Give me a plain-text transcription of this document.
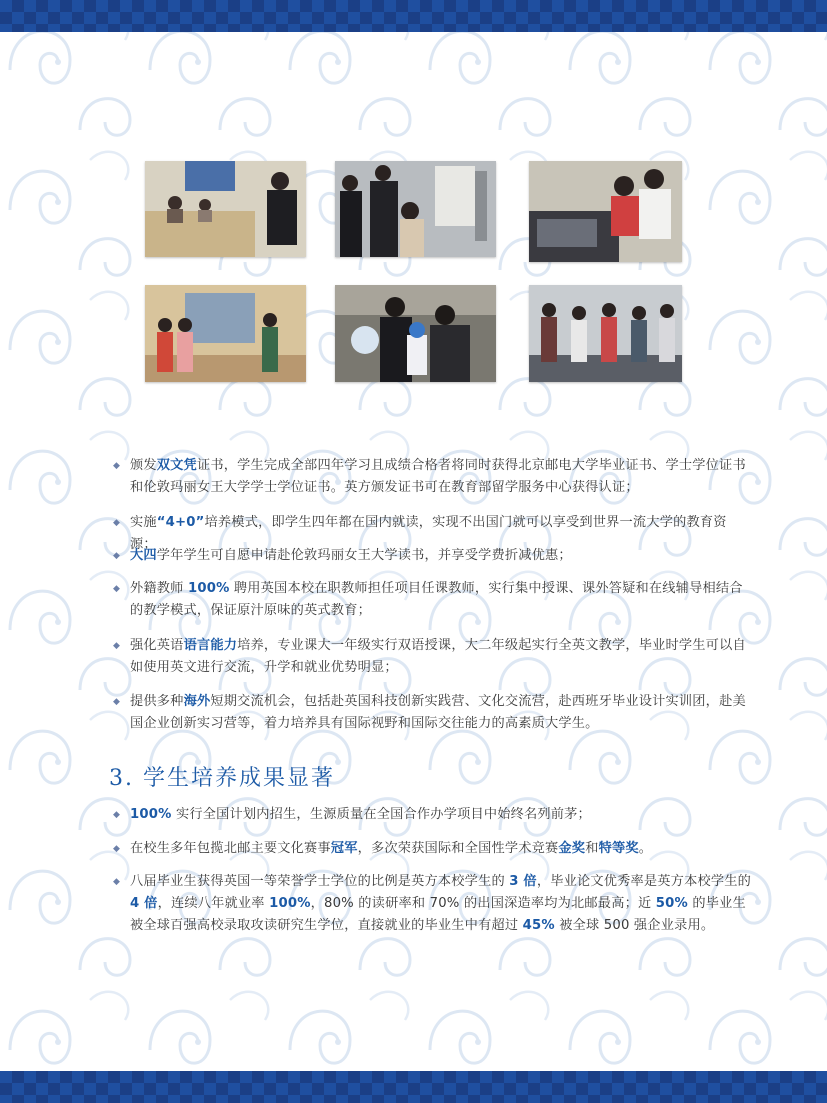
◆ 颁发双文凭证书，学生完成全部四年学习且成绩合格者将同时获得北京邮电大学毕业证书、学士学位证书和伦敦玛丽女王大学学士学位证书。英方颁发证书可在教育部留学服务中心获得认证；
◆ 实施“4+0”培养模式，即学生四年都在国内就读，实现不出国门就可以享受到世界一流大学的教育资源；
◆ 大四学年学生可自愿申请赴伦敦玛丽女王大学读书，并享受学费折减优惠；
◆ 外籍教师 100% 聘用英国本校在职教师担任项目任课教师，实行集中授课、课外答疑和在线辅导相结合的教学模式，保证原汁原味的英式教育；
◆ 强化英语语言能力培养，专业课大一年级实行双语授课，大二年级起实行全英文教学，毕业时学生可以自如使用英文进行交流，升学和就业优势明显；
◆ 提供多种海外短期交流机会，包括赴英国科技创新实践营、文化交流营，赴西班牙毕业设计实训团，赴美国企业创新实习营等，着力培养具有国际视野和国际交往能力的高素质大学生。
3. 学生培养成果显著
◆ 100% 实行全国计划内招生，生源质量在全国合作办学项目中始终名列前茅；
◆ 在校生多年包揽北邮主要文化赛事冠军，多次荣获国际和全国性学术竞赛金奖和特等奖。
◆ 八届毕业生获得英国一等荣誉学士学位的比例是英方本校学生的 3 倍，毕业论文优秀率是英方本校学生的 4 倍，连续八年就业率 100%，80% 的读研率和 70% 的出国深造率均为北邮最高；近 50% 的毕业生被全球百强高校录取攻读研究生学位，直接就业的毕业生中有超过 45% 被全球 500 强企业录用。
